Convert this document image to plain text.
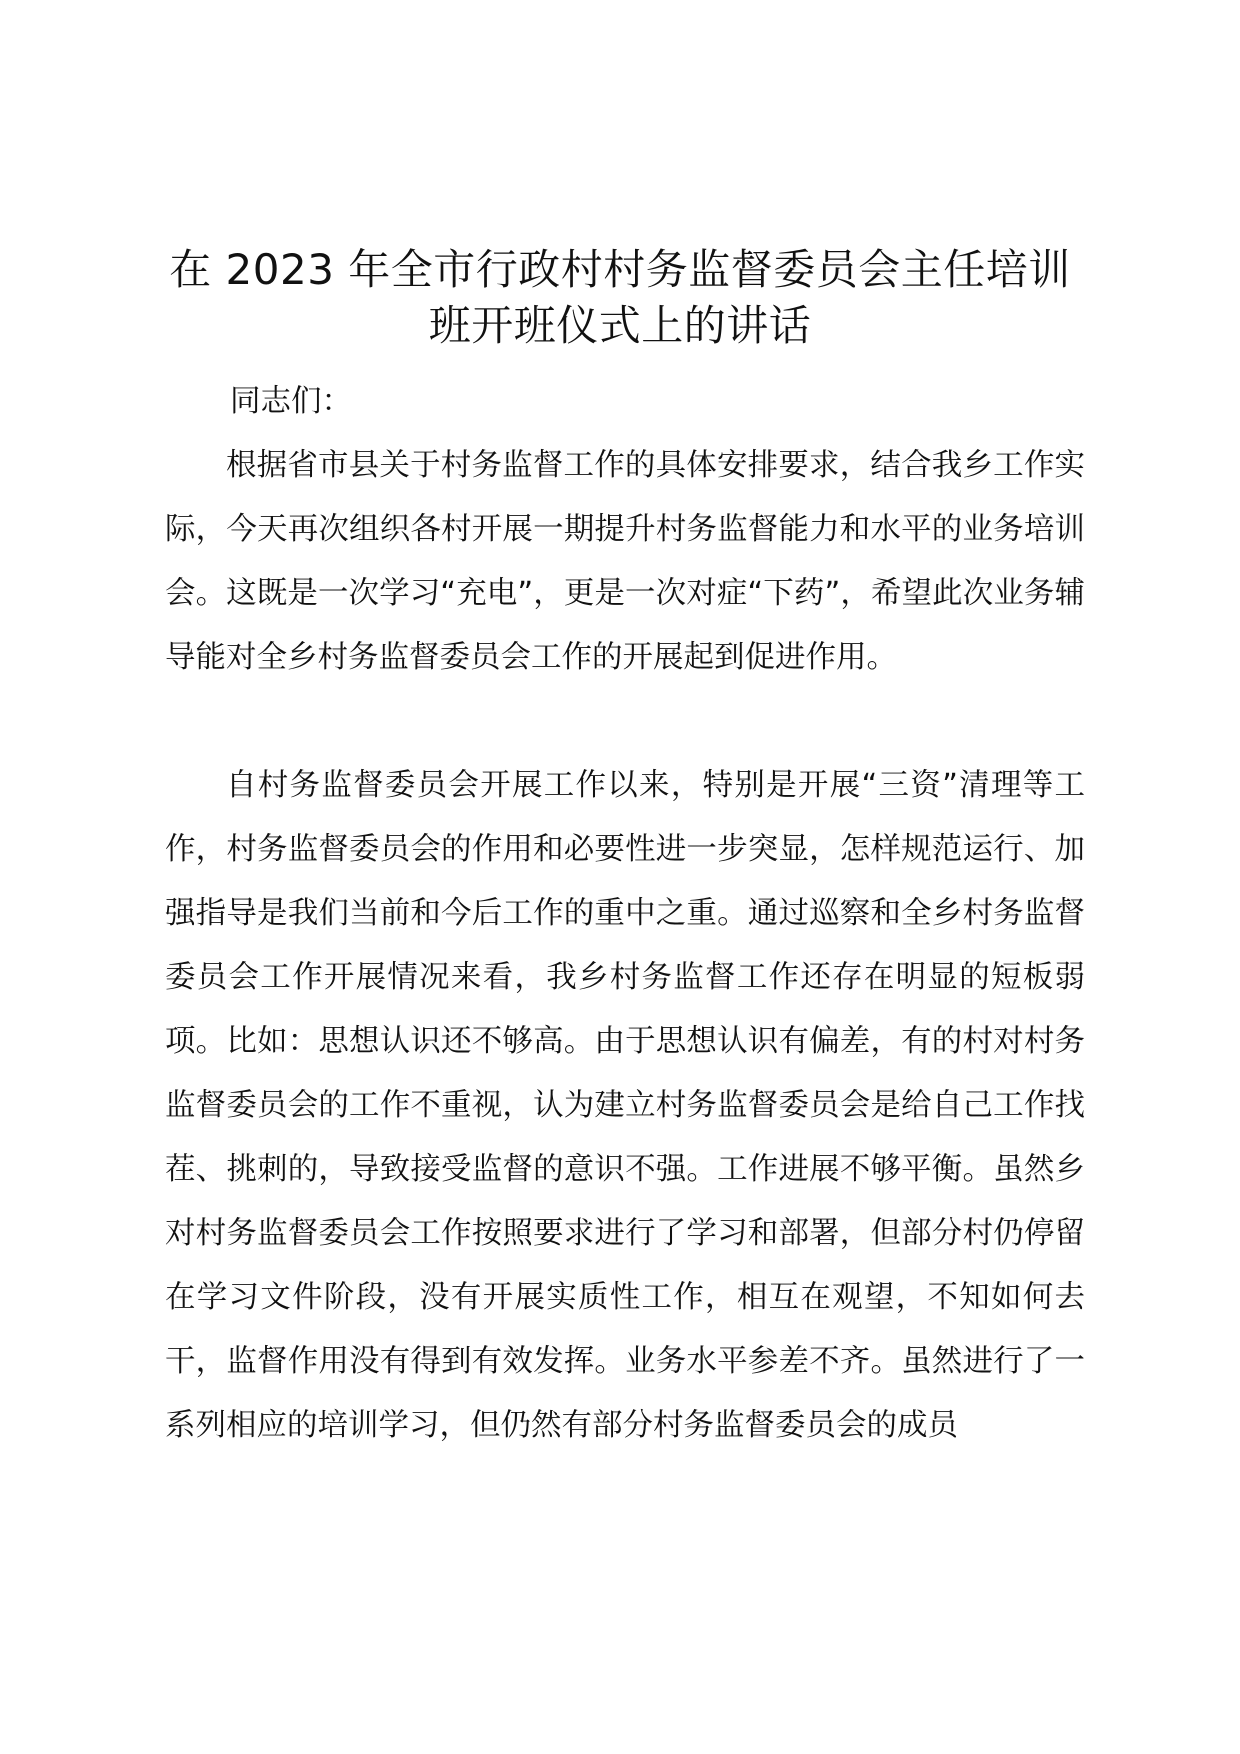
在 2023 年全市行政村村务监督委员会主任培训班开班仪式上的讲话

同志们：

根据省市县关于村务监督工作的具体安排要求，结合我乡工作实际，今天再次组织各村开展一期提升村务监督能力和水平的业务培训会。这既是一次学习“充电”，更是一次对症“下药”，希望此次业务辅导能对全乡村务监督委员会工作的开展起到促进作用。

自村务监督委员会开展工作以来，特别是开展“三资”清理等工作，村务监督委员会的作用和必要性进一步突显，怎样规范运行、加强指导是我们当前和今后工作的重中之重。通过巡察和全乡村务监督委员会工作开展情况来看，我乡村务监督工作还存在明显的短板弱项。比如：思想认识还不够高。由于思想认识有偏差，有的村对村务监督委员会的工作不重视，认为建立村务监督委员会是给自己工作找茬、挑刺的，导致接受监督的意识不强。工作进展不够平衡。虽然乡对村务监督委员会工作按照要求进行了学习和部署，但部分村仍停留在学习文件阶段，没有开展实质性工作，相互在观望，不知如何去干，监督作用没有得到有效发挥。业务水平参差不齐。虽然进行了一系列相应的培训学习，但仍然有部分村务监督委员会的成员
